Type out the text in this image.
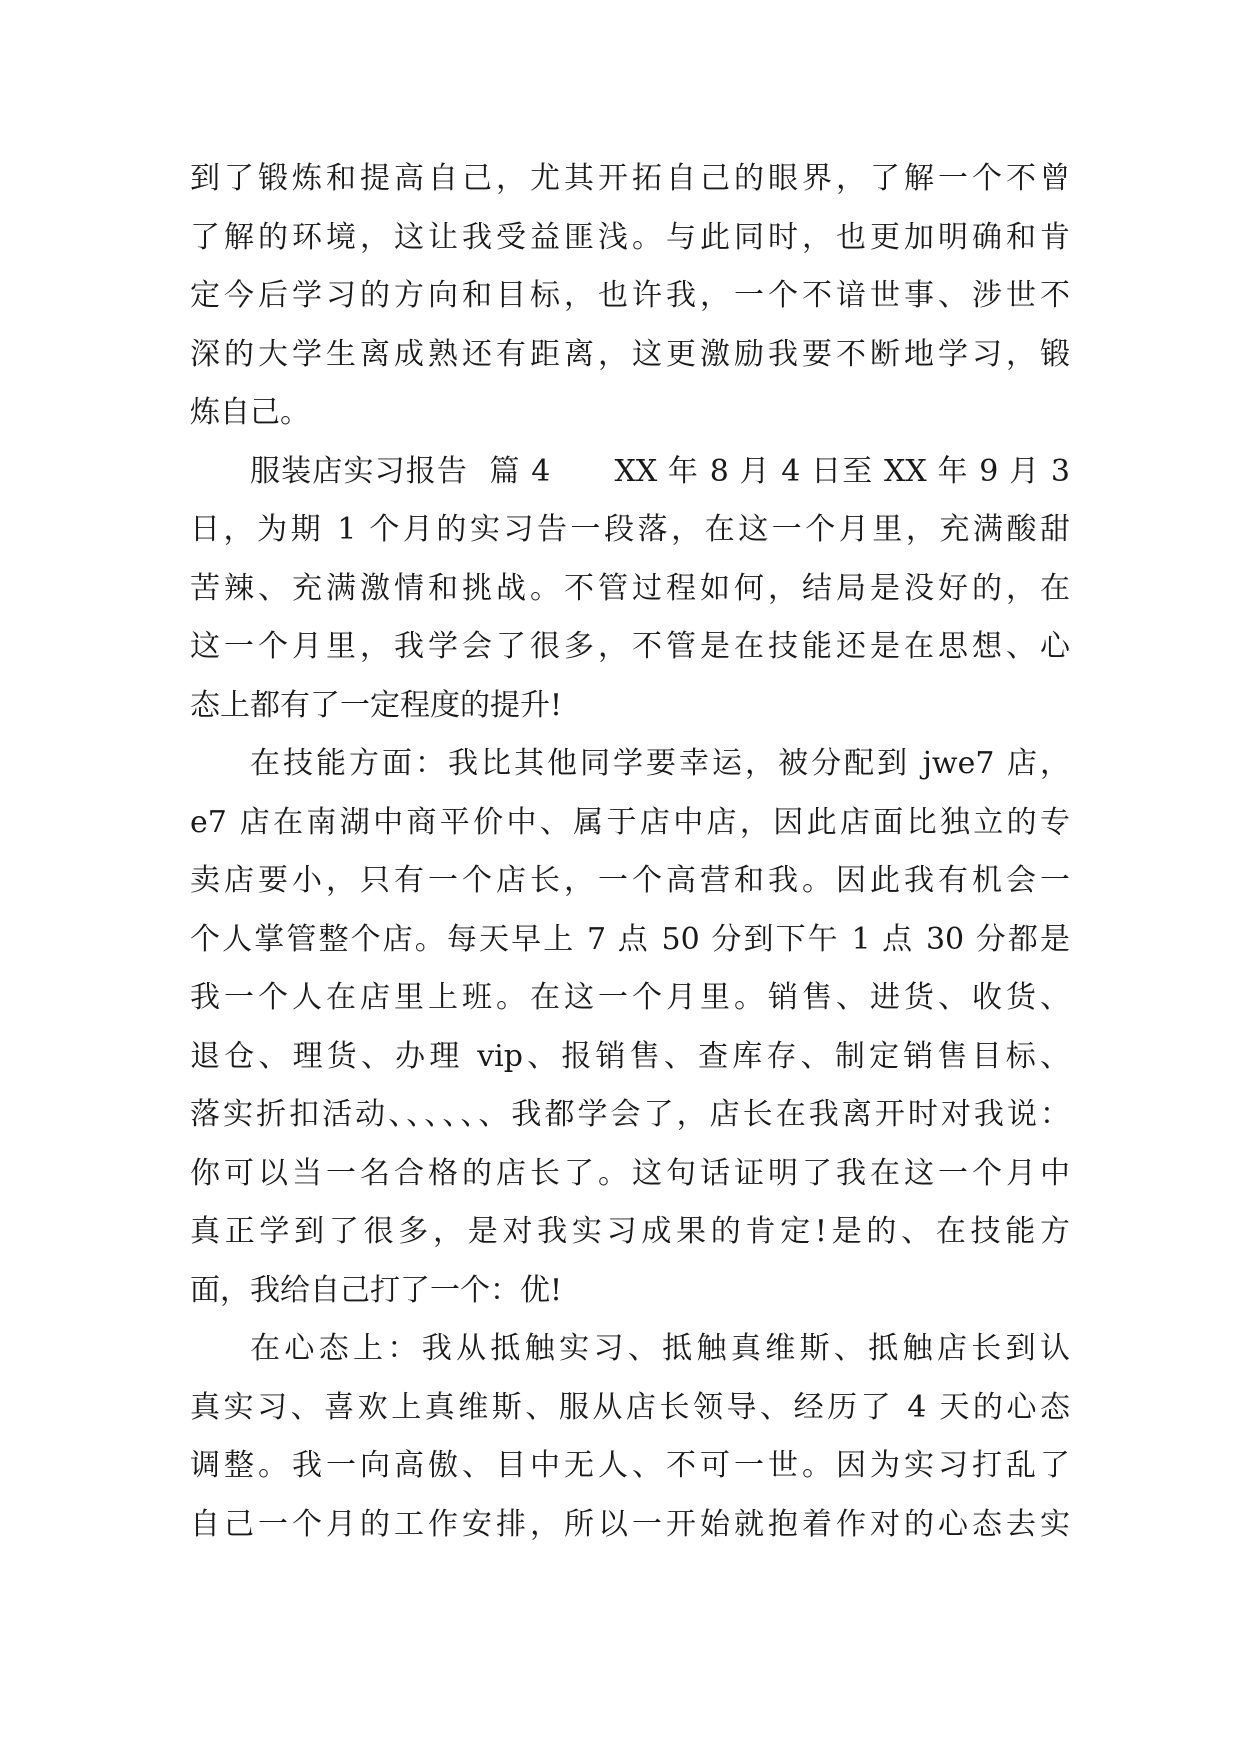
到了锻炼和提高自己，尤其开拓自己的眼界，了解一个不曾
了解的环境，这让我受益匪浅。与此同时，也更加明确和肯
定今后学习的方向和目标，也许我，一个不谙世事、涉世不
深的大学生离成熟还有距离，这更激励我要不断地学习，锻
炼自己。
服装店实习报告  篇 4      XX 年 8 月 4 日至 XX 年 9 月 3
日，为期 1 个月的实习告一段落，在这一个月里，充满酸甜
苦辣、充满激情和挑战。不管过程如何，结局是没好的，在
这一个月里，我学会了很多，不管是在技能还是在思想、心
态上都有了一定程度的提升!
在技能方面：我比其他同学要幸运，被分配到 jwe7 店，
e7 店在南湖中商平价中、属于店中店，因此店面比独立的专
卖店要小，只有一个店长，一个高营和我。因此我有机会一
个人掌管整个店。每天早上 7 点 50 分到下午 1 点 30 分都是
我一个人在店里上班。在这一个月里。销售、进货、收货、
退仓、理货、办理 vip、报销售、查库存、制定销售目标、
落实折扣活动、、、、、、我都学会了，店长在我离开时对我说：
你可以当一名合格的店长了。这句话证明了我在这一个月中
真正学到了很多，是对我实习成果的肯定!是的、在技能方
面，我给自己打了一个：优!
在心态上：我从抵触实习、抵触真维斯、抵触店长到认
真实习、喜欢上真维斯、服从店长领导、经历了 4 天的心态
调整。我一向高傲、目中无人、不可一世。因为实习打乱了
自己一个月的工作安排，所以一开始就抱着作对的心态去实
